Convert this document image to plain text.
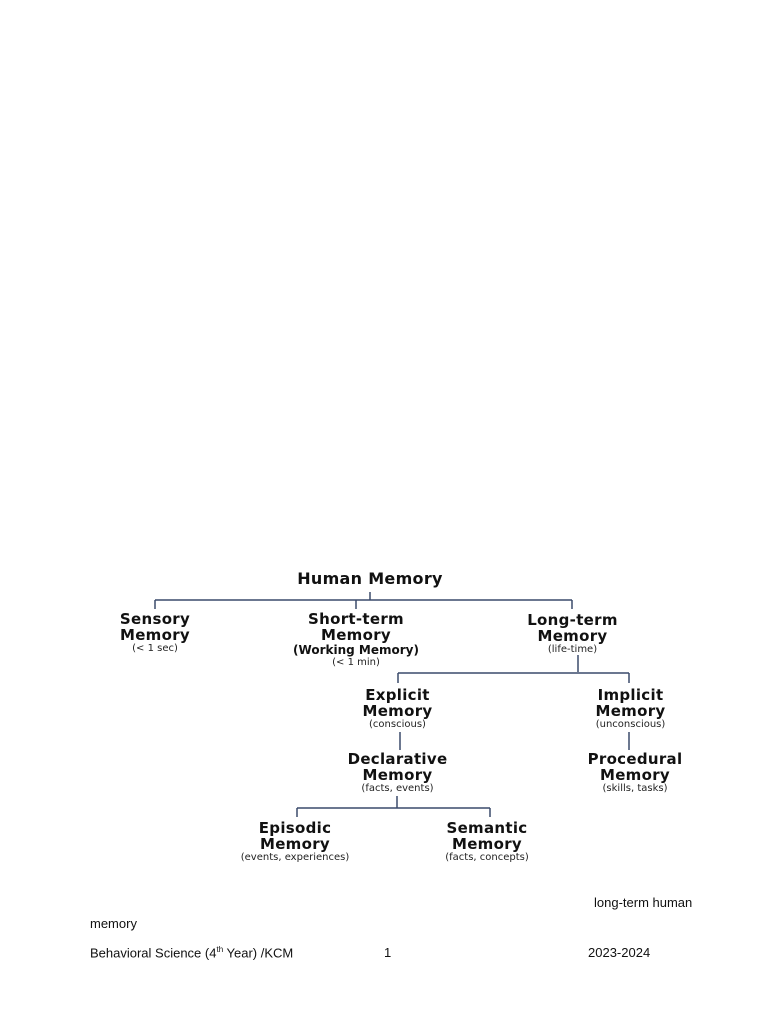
Human Memory
Sensory
Memory
(< 1 sec)
Short-term
Memory
(Working Memory)
(< 1 min)
Long-term
Memory
(life-time)
Explicit
Memory
(conscious)
Implicit
Memory
(unconscious)
Declarative
Memory
(facts, events)
Procedural
Memory
(skills, tasks)
Episodic
Memory
(events, experiences)
Semantic
Memory
(facts, concepts)
long-term human
memory
Behavioral Science (4th Year) /KCM	1	2023-2024
